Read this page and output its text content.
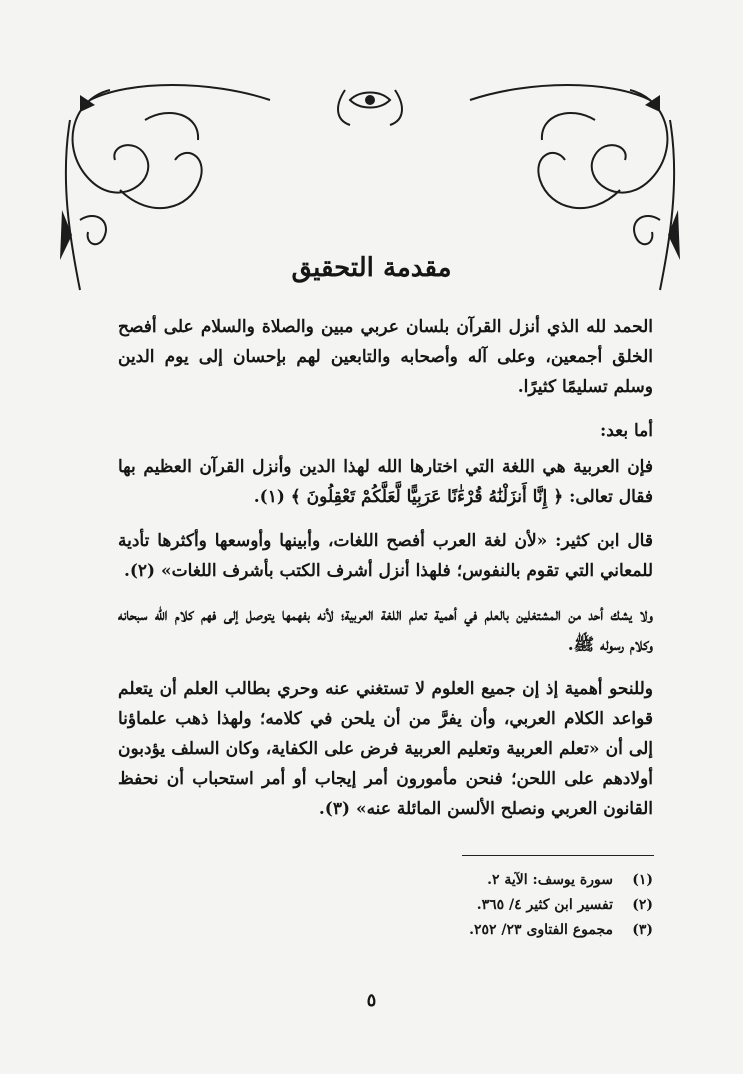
مقدمة التحقيق

الحمد لله الذي أنزل القرآن بلسان عربي مبين والصلاة والسلام على أفصح الخلق أجمعين، وعلى آله وأصحابه والتابعين لهم بإحسان إلى يوم الدين وسلم تسليمًا كثيرًا.

أما بعد:

فإن العربية هي اللغة التي اختارها الله لهذا الدين وأنزل القرآن العظيم بها فقال تعالى: ﴿ إِنَّا أَنزَلْنَٰهُ قُرْءَٰنًا عَرَبِيًّا لَّعَلَّكُمْ تَعْقِلُونَ ﴾ (١).

قال ابن كثير: «لأن لغة العرب أفصح اللغات، وأبينها وأوسعها وأكثرها تأدية للمعاني التي تقوم بالنفوس؛ فلهذا أنزل أشرف الكتب بأشرف اللغات» (٢).

ولا يشك أحد من المشتغلين بالعلم في أهمية تعلم اللغة العربية؛ لأنه بفهمها يتوصل إلى فهم كلام الله سبحانه وكلام رسوله ﷺ.

وللنحو أهمية إذ إن جميع العلوم لا تستغني عنه وحري بطالب العلم أن يتعلم قواعد الكلام العربي، وأن يفرَّ من أن يلحن في كلامه؛ ولهذا ذهب علماؤنا إلى أن «تعلم العربية وتعليم العربية فرض على الكفاية، وكان السلف يؤدبون أولادهم على اللحن؛ فنحن مأمورون أمر إيجاب أو أمر استحباب أن نحفظ القانون العربي ونصلح الألسن المائلة عنه» (٣).

(١)
سورة يوسف: الآية ٢.
(٢)
تفسير ابن كثير ٤/ ٣٦٥.
(٣)
مجموع الفتاوى ٢٣/ ٢٥٢.
٥
